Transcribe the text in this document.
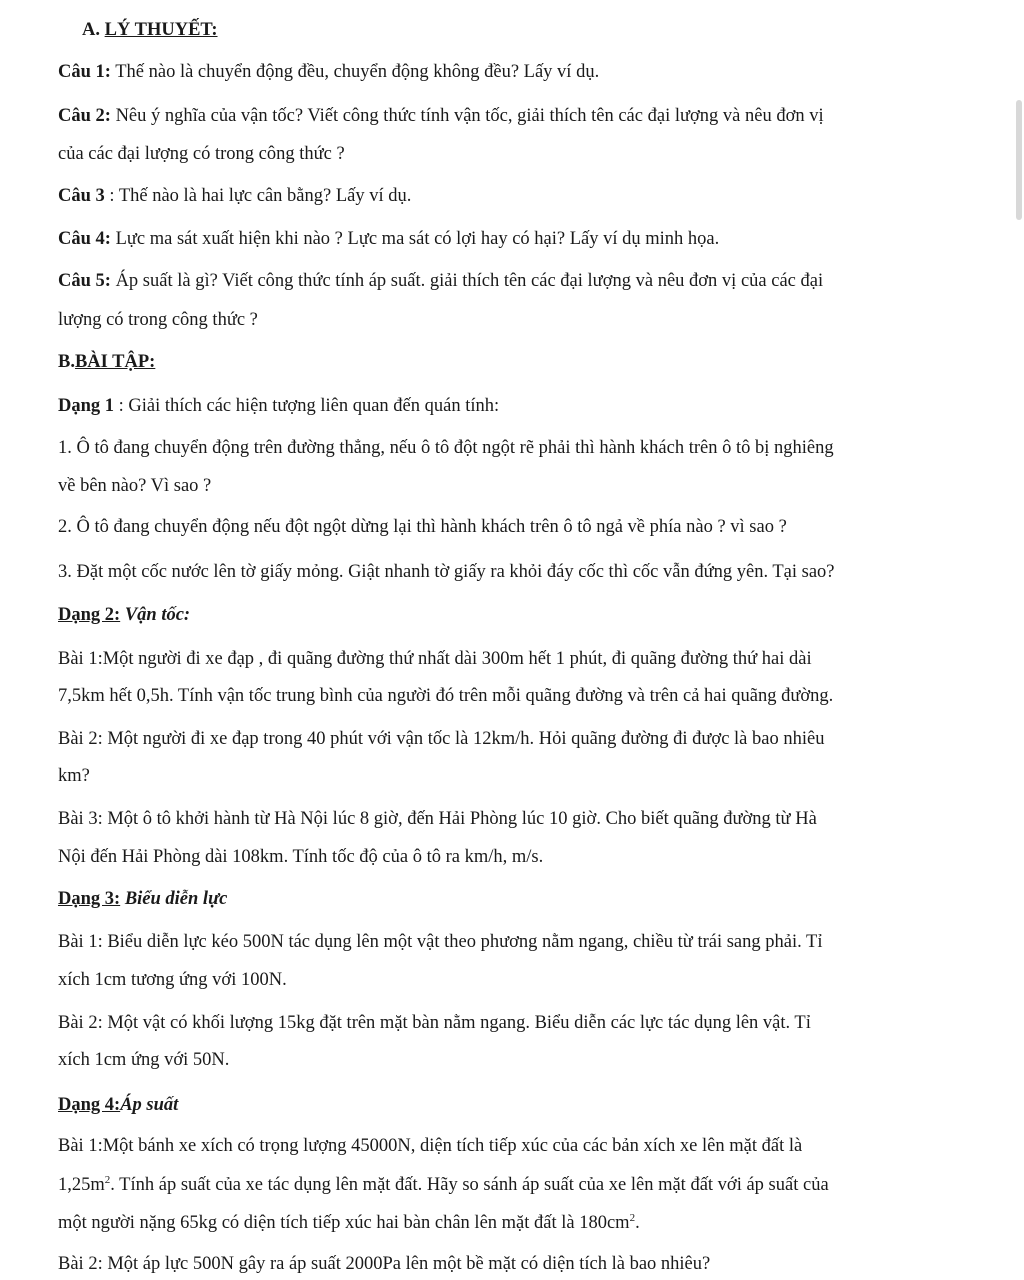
A. LÝ THUYẾT:
Câu 1: Thế nào là chuyển động đều, chuyển động không đều? Lấy ví dụ.
Câu 2: Nêu ý nghĩa của vận tốc? Viết công thức tính vận tốc, giải thích tên các đại lượng và nêu đơn vị
của các đại lượng có trong công thức ?
Câu 3 : Thế nào là hai lực cân bằng? Lấy ví dụ.
Câu 4: Lực ma sát xuất hiện khi nào ? Lực ma sát có lợi hay có hại? Lấy ví dụ minh họa.
Câu 5: Áp suất là gì? Viết công thức tính áp suất. giải thích tên các đại lượng và nêu đơn vị của các đại
lượng có trong công thức ?
B.BÀI TẬP:
Dạng 1 : Giải thích các hiện tượng liên quan đến quán tính:
1. Ô tô đang chuyển động trên đường thẳng, nếu ô tô đột ngột rẽ phải thì hành khách trên ô tô bị nghiêng
về bên nào? Vì sao ?
2. Ô tô đang chuyển động nếu đột ngột dừng lại thì hành khách trên ô tô ngả về phía nào ? vì sao ?
3. Đặt một cốc nước lên tờ giấy mỏng. Giật nhanh tờ giấy ra khỏi đáy cốc thì cốc vẫn đứng yên. Tại sao?
Dạng 2: Vận tốc:
Bài 1:Một người đi xe đạp , đi quãng đường thứ nhất dài 300m hết 1 phút, đi quãng đường thứ hai dài
7,5km hết 0,5h. Tính vận tốc trung bình của người đó trên mỗi quãng đường và trên cả hai quãng đường.
Bài 2: Một người đi xe đạp trong 40 phút với vận tốc là 12km/h. Hỏi quãng đường đi được là bao nhiêu
km?
Bài 3: Một ô tô khởi hành từ Hà Nội lúc 8 giờ, đến Hải Phòng lúc 10 giờ. Cho biết quãng đường từ Hà
Nội đến Hải Phòng dài 108km. Tính tốc độ của ô tô ra km/h, m/s.
Dạng 3: Biểu diễn lực
Bài 1: Biểu diễn lực kéo 500N tác dụng lên một vật theo phương nằm ngang, chiều từ trái sang phải. Tỉ
xích 1cm tương ứng với 100N.
Bài 2: Một vật có khối lượng 15kg đặt trên mặt bàn nằm ngang. Biểu diễn các lực tác dụng lên vật. Tỉ
xích 1cm ứng với 50N.
Dạng 4:Áp suất
Bài 1:Một bánh xe xích có trọng lượng 45000N, diện tích tiếp xúc của các bản xích xe lên mặt đất là
$1,25m^2$. Tính áp suất của xe tác dụng lên mặt đất. Hãy so sánh áp suất của xe lên mặt đất với áp suất của
một người nặng 65kg có diện tích tiếp xúc hai bàn chân lên mặt đất là $180cm^2$.
Bài 2: Một áp lực 500N gây ra áp suất 2000Pa lên một bề mặt có diện tích là bao nhiêu?
